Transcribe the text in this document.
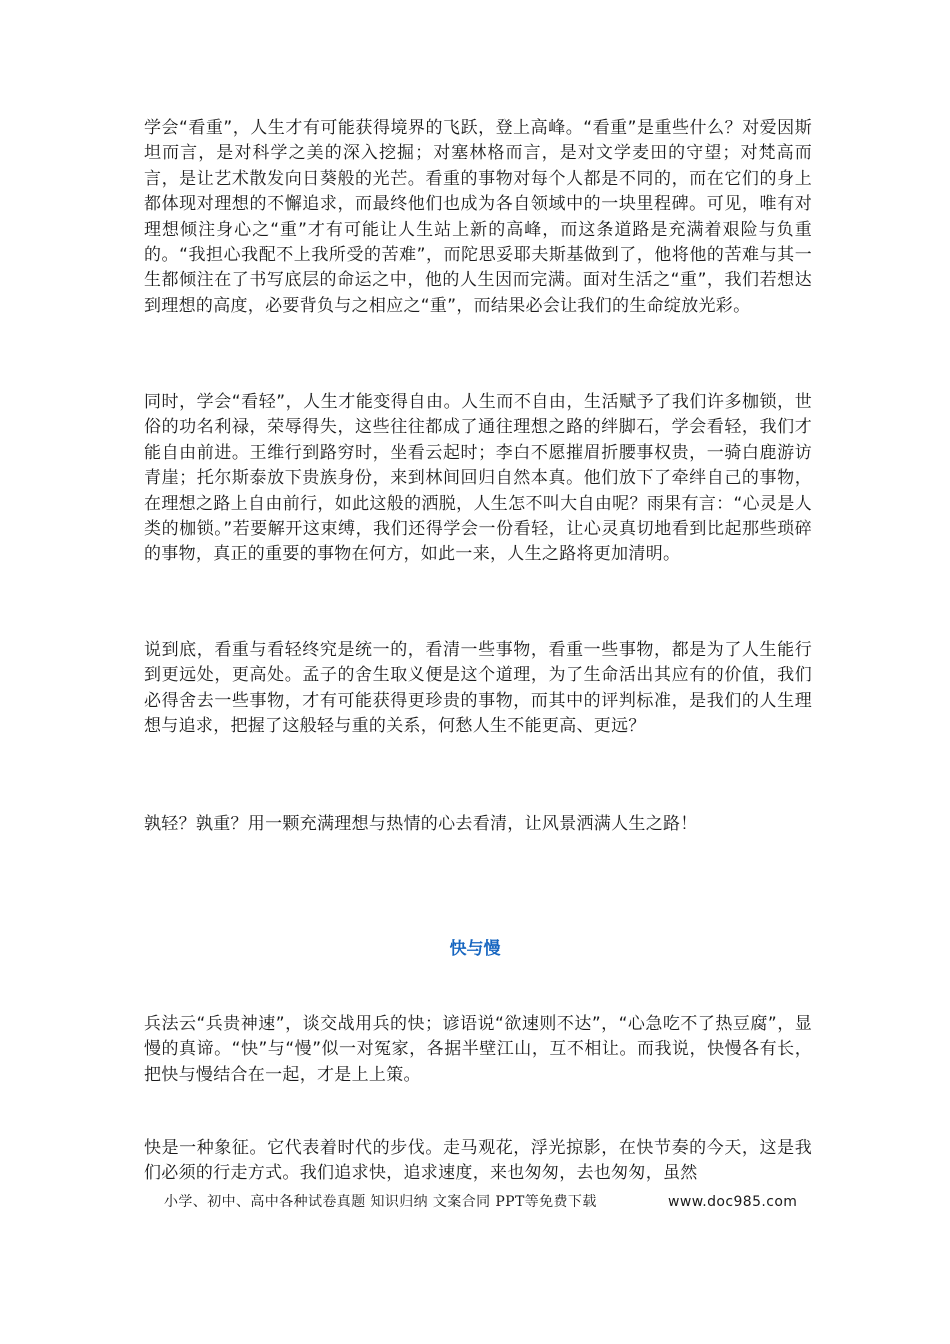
学会“看重”，人生才有可能获得境界的飞跃，登上高峰。“看重”是重些什么？对爱因斯坦而言，是对科学之美的深入挖掘；对塞林格而言，是对文学麦田的守望；对梵高而言，是让艺术散发向日葵般的光芒。看重的事物对每个人都是不同的，而在它们的身上都体现对理想的不懈追求，而最终他们也成为各自领域中的一块里程碑。可见，唯有对理想倾注身心之“重”才有可能让人生站上新的高峰，而这条道路是充满着艰险与负重的。“我担心我配不上我所受的苦难”，而陀思妥耶夫斯基做到了，他将他的苦难与其一生都倾注在了书写底层的命运之中，他的人生因而完满。面对生活之“重”，我们若想达到理想的高度，必要背负与之相应之“重”，而结果必会让我们的生命绽放光彩。

同时，学会“看轻”，人生才能变得自由。人生而不自由，生活赋予了我们许多枷锁，世俗的功名利禄，荣辱得失，这些往往都成了通往理想之路的绊脚石，学会看轻，我们才能自由前进。王维行到路穷时，坐看云起时；李白不愿摧眉折腰事权贵，一骑白鹿游访青崖；托尔斯泰放下贵族身份，来到林间回归自然本真。他们放下了牵绊自己的事物，在理想之路上自由前行，如此这般的洒脱，人生怎不叫大自由呢？雨果有言：“心灵是人类的枷锁。”若要解开这束缚，我们还得学会一份看轻，让心灵真切地看到比起那些琐碎的事物，真正的重要的事物在何方，如此一来，人生之路将更加清明。

说到底，看重与看轻终究是统一的，看清一些事物，看重一些事物，都是为了人生能行到更远处，更高处。孟子的舍生取义便是这个道理，为了生命活出其应有的价值，我们必得舍去一些事物，才有可能获得更珍贵的事物，而其中的评判标准，是我们的人生理想与追求，把握了这般轻与重的关系，何愁人生不能更高、更远？

孰轻？孰重？用一颗充满理想与热情的心去看清，让风景洒满人生之路！

快与慢

兵法云“兵贵神速”，谈交战用兵的快；谚语说“欲速则不达”，“心急吃不了热豆腐”，显慢的真谛。“快”与“慢”似一对冤家，各据半壁江山，互不相让。而我说，快慢各有长，把快与慢结合在一起，才是上上策。

快是一种象征。它代表着时代的步伐。走马观花，浮光掠影，在快节奏的今天，这是我们必须的行走方式。我们追求快，追求速度，来也匆匆，去也匆匆，虽然

小学、初中、高中各种试卷真题 知识归纳 文案合同 PPT等免费下载	www.doc985.com
